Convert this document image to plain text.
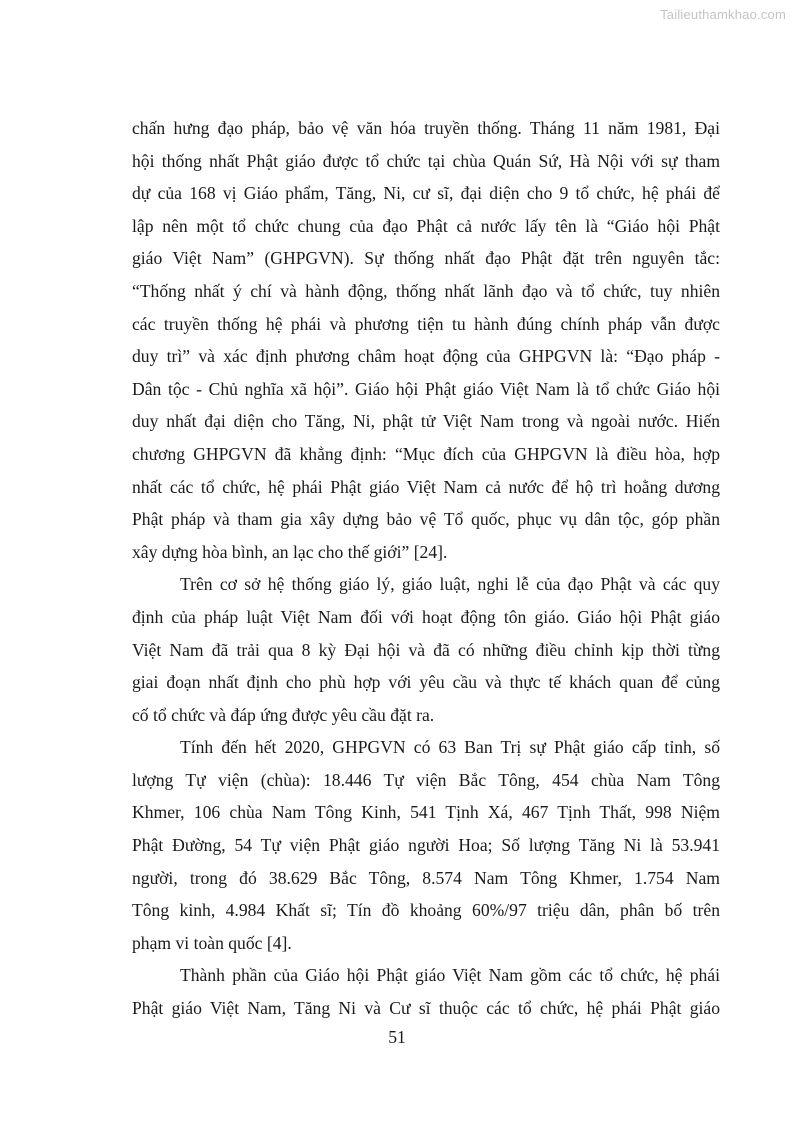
Tailieuthamkhao.com
chấn hưng đạo pháp, bảo vệ văn hóa truyền thống. Tháng 11 năm 1981, Đại
hội thống nhất Phật giáo được tổ chức tại chùa Quán Sứ, Hà Nội với sự tham
dự của 168 vị Giáo phẩm, Tăng, Ni, cư sĩ, đại diện cho 9 tổ chức, hệ phái để
lập nên một tổ chức chung của đạo Phật cả nước lấy tên là “Giáo hội Phật
giáo Việt Nam” (GHPGVN). Sự thống nhất đạo Phật đặt trên nguyên tắc:
“Thống nhất ý chí và hành động, thống nhất lãnh đạo và tổ chức, tuy nhiên
các truyền thống hệ phái và phương tiện tu hành đúng chính pháp vẫn được
duy trì” và xác định phương châm hoạt động của GHPGVN là: “Đạo pháp -
Dân tộc - Chủ nghĩa xã hội”. Giáo hội Phật giáo Việt Nam là tổ chức Giáo hội
duy nhất đại diện cho Tăng, Ni, phật tử Việt Nam trong và ngoài nước. Hiến
chương GHPGVN đã khẳng định: “Mục đích của GHPGVN là điều hòa, hợp
nhất các tổ chức, hệ phái Phật giáo Việt Nam cả nước để hộ trì hoằng dương
Phật pháp và tham gia xây dựng bảo vệ Tổ quốc, phục vụ dân tộc, góp phần
xây dựng hòa bình, an lạc cho thế giới” [24].
Trên cơ sở hệ thống giáo lý, giáo luật, nghi lễ của đạo Phật và các quy
định của pháp luật Việt Nam đối với hoạt động tôn giáo. Giáo hội Phật giáo
Việt Nam đã trải qua 8 kỳ Đại hội và đã có những điều chỉnh kịp thời từng
giai đoạn nhất định cho phù hợp với yêu cầu và thực tế khách quan để củng
cố tổ chức và đáp ứng được yêu cầu đặt ra.
Tính đến hết 2020, GHPGVN có 63 Ban Trị sự Phật giáo cấp tỉnh, số
lượng Tự viện (chùa): 18.446 Tự viện Bắc Tông, 454 chùa Nam Tông
Khmer, 106 chùa Nam Tông Kinh, 541 Tịnh Xá, 467 Tịnh Thất, 998 Niệm
Phật Đường, 54 Tự viện Phật giáo người Hoa; Số lượng Tăng Ni là 53.941
người, trong đó 38.629 Bắc Tông, 8.574 Nam Tông Khmer, 1.754 Nam
Tông kinh, 4.984 Khất sĩ; Tín đồ khoảng 60%/97 triệu dân, phân bố trên
phạm vi toàn quốc [4].
Thành phần của Giáo hội Phật giáo Việt Nam gồm các tổ chức, hệ phái
Phật giáo Việt Nam, Tăng Ni và Cư sĩ thuộc các tổ chức, hệ phái Phật giáo
51
